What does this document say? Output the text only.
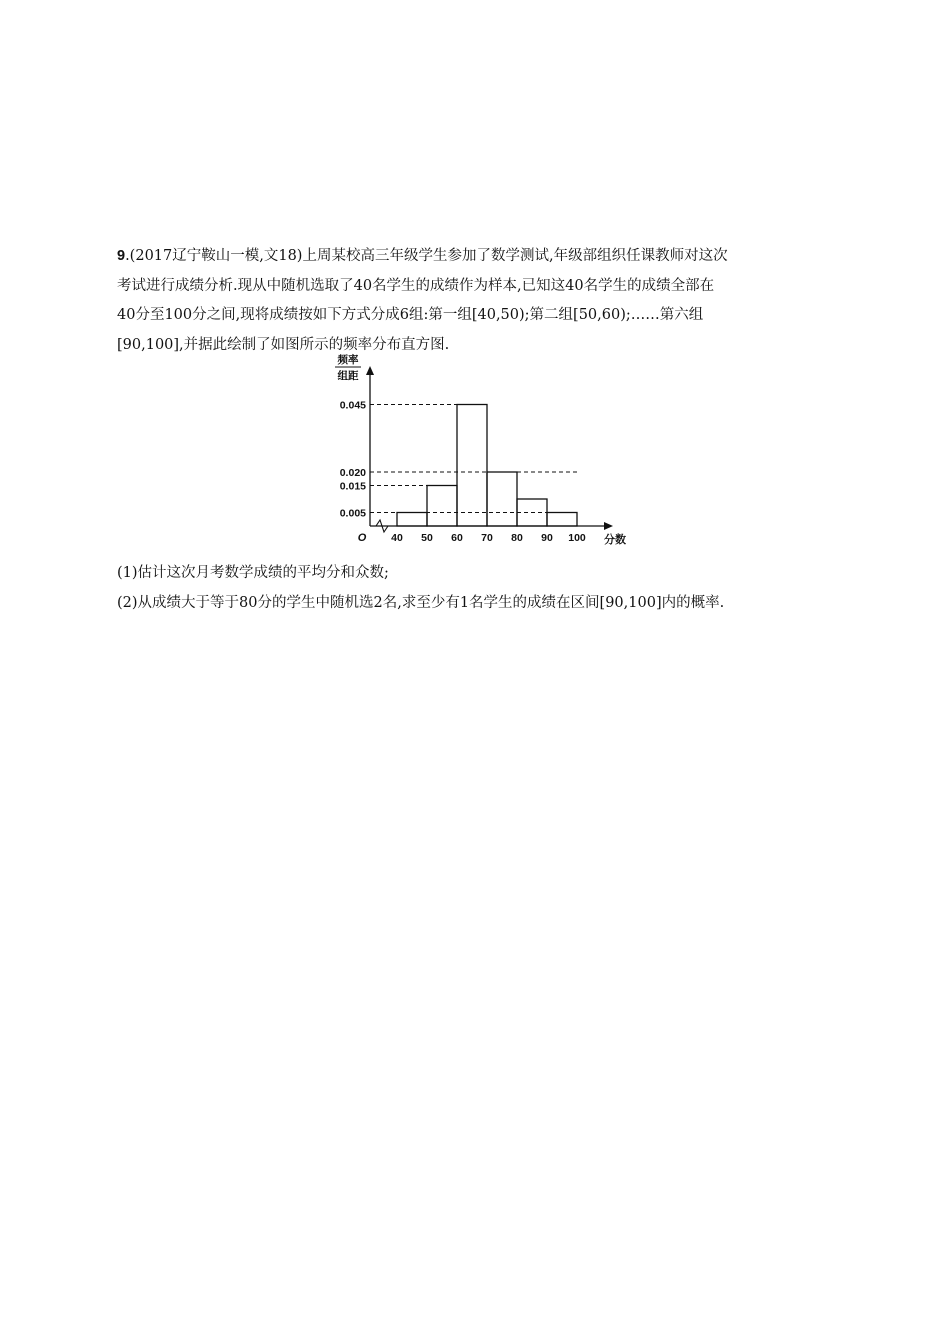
9.(2017辽宁鞍山一模,文18)上周某校高三年级学生参加了数学测试,年级部组织任课教师对这次

考试进行成绩分析.现从中随机选取了40名学生的成绩作为样本,已知这40名学生的成绩全部在

40分至100分之间,现将成绩按如下方式分成6组:第一组[40,50);第二组[50,60);……第六组

[90,100],并据此绘制了如图所示的频率分布直方图.

0.005
0.015
0.020
0.045
40 50 60 70 80 90 100
O	分数
频率
组距

(1)估计这次月考数学成绩的平均分和众数;

(2)从成绩大于等于80分的学生中随机选2名,求至少有1名学生的成绩在区间[90,100]内的概率.
